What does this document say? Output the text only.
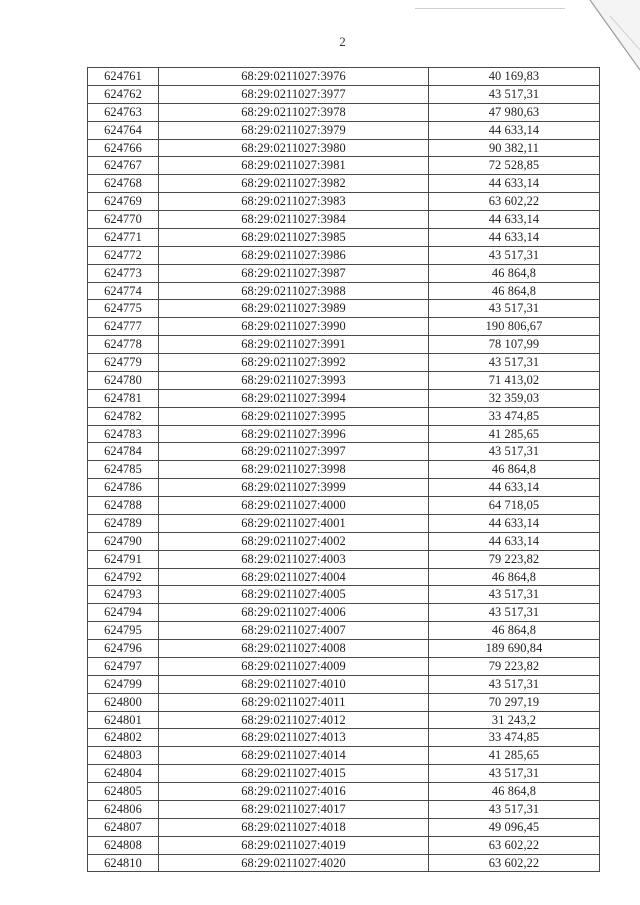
2
624761	68:29:0211027:3976	40 169,83
624762	68:29:0211027:3977	43 517,31
624763	68:29:0211027:3978	47 980,63
624764	68:29:0211027:3979	44 633,14
624766	68:29:0211027:3980	90 382,11
624767	68:29:0211027:3981	72 528,85
624768	68:29:0211027:3982	44 633,14
624769	68:29:0211027:3983	63 602,22
624770	68:29:0211027:3984	44 633,14
624771	68:29:0211027:3985	44 633,14
624772	68:29:0211027:3986	43 517,31
624773	68:29:0211027:3987	46 864,8
624774	68:29:0211027:3988	46 864,8
624775	68:29:0211027:3989	43 517,31
624777	68:29:0211027:3990	190 806,67
624778	68:29:0211027:3991	78 107,99
624779	68:29:0211027:3992	43 517,31
624780	68:29:0211027:3993	71 413,02
624781	68:29:0211027:3994	32 359,03
624782	68:29:0211027:3995	33 474,85
624783	68:29:0211027:3996	41 285,65
624784	68:29:0211027:3997	43 517,31
624785	68:29:0211027:3998	46 864,8
624786	68:29:0211027:3999	44 633,14
624788	68:29:0211027:4000	64 718,05
624789	68:29:0211027:4001	44 633,14
624790	68:29:0211027:4002	44 633,14
624791	68:29:0211027:4003	79 223,82
624792	68:29:0211027:4004	46 864,8
624793	68:29:0211027:4005	43 517,31
624794	68:29:0211027:4006	43 517,31
624795	68:29:0211027:4007	46 864,8
624796	68:29:0211027:4008	189 690,84
624797	68:29:0211027:4009	79 223,82
624799	68:29:0211027:4010	43 517,31
624800	68:29:0211027:4011	70 297,19
624801	68:29:0211027:4012	31 243,2
624802	68:29:0211027:4013	33 474,85
624803	68:29:0211027:4014	41 285,65
624804	68:29:0211027:4015	43 517,31
624805	68:29:0211027:4016	46 864,8
624806	68:29:0211027:4017	43 517,31
624807	68:29:0211027:4018	49 096,45
624808	68:29:0211027:4019	63 602,22
624810	68:29:0211027:4020	63 602,22
